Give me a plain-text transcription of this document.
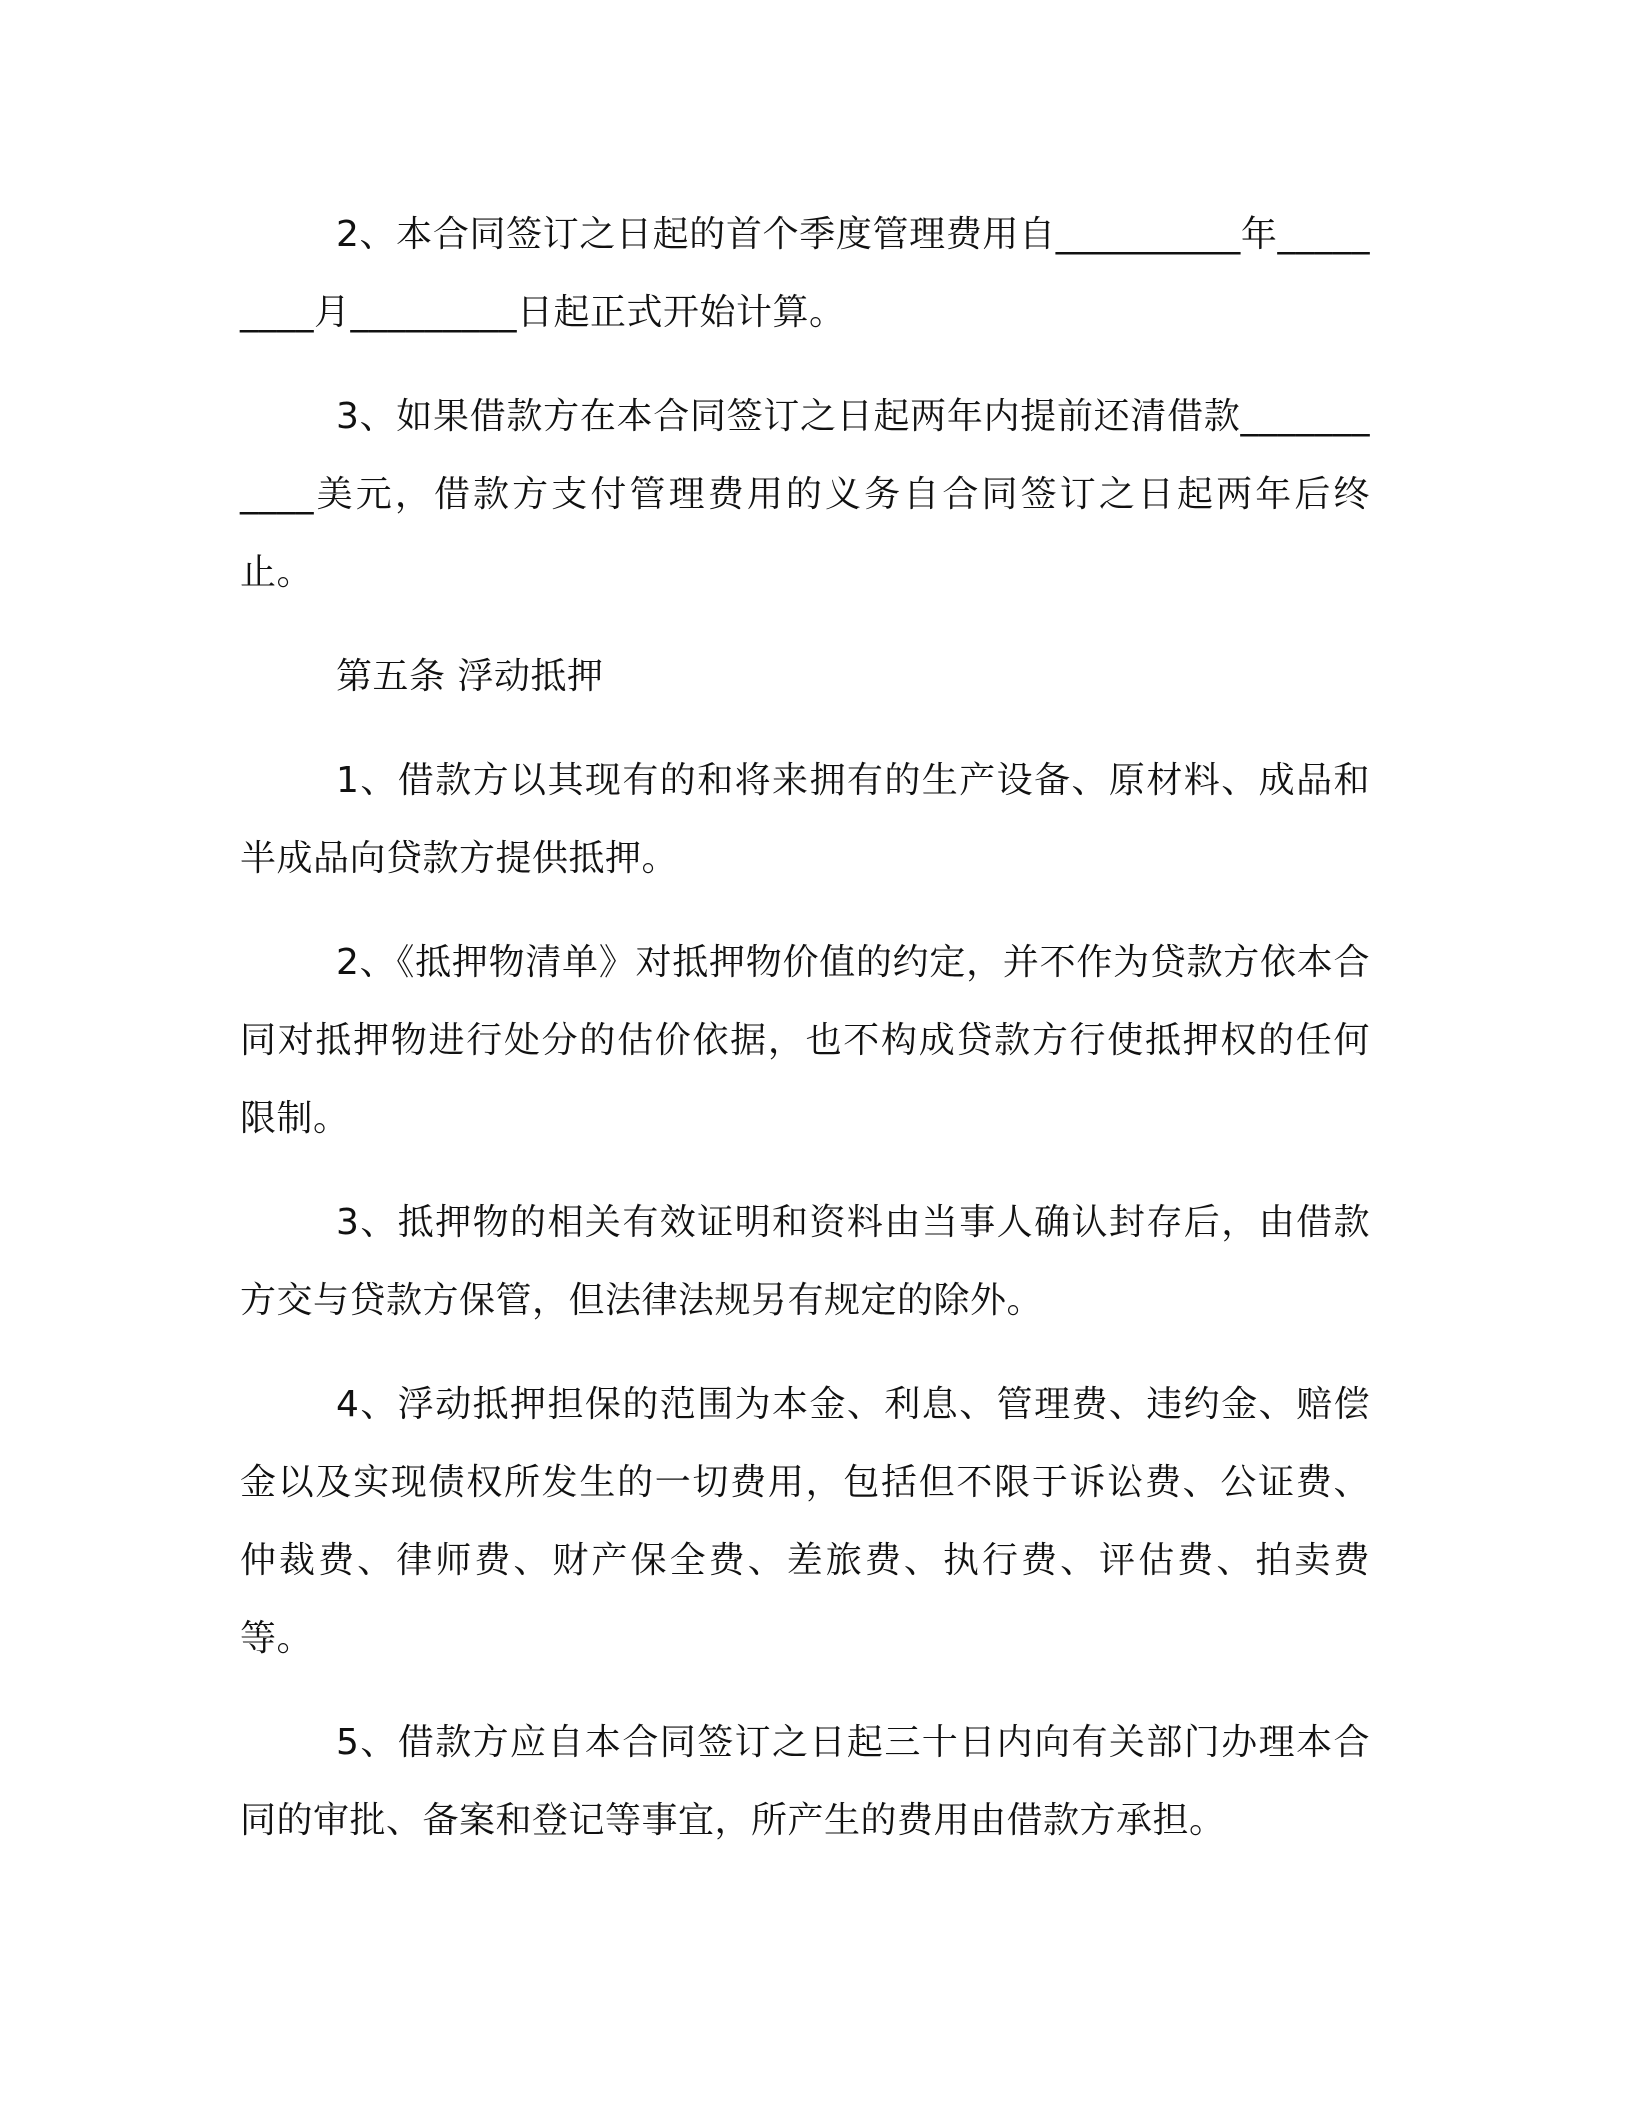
2、本合同签订之日起的首个季度管理费用自__________年_________月_________日起正式开始计算。

3、如果借款方在本合同签订之日起两年内提前还清借款___________美元，借款方支付管理费用的义务自合同签订之日起两年后终止。

第五条 浮动抵押

1、借款方以其现有的和将来拥有的生产设备、原材料、成品和半成品向贷款方提供抵押。

2、《抵押物清单》对抵押物价值的约定，并不作为贷款方依本合同对抵押物进行处分的估价依据，也不构成贷款方行使抵押权的任何限制。

3、抵押物的相关有效证明和资料由当事人确认封存后，由借款方交与贷款方保管，但法律法规另有规定的除外。

4、浮动抵押担保的范围为本金、利息、管理费、违约金、赔偿金以及实现债权所发生的一切费用，包括但不限于诉讼费、公证费、仲裁费、律师费、财产保全费、差旅费、执行费、评估费、拍卖费等。

5、借款方应自本合同签订之日起三十日内向有关部门办理本合同的审批、备案和登记等事宜，所产生的费用由借款方承担。
